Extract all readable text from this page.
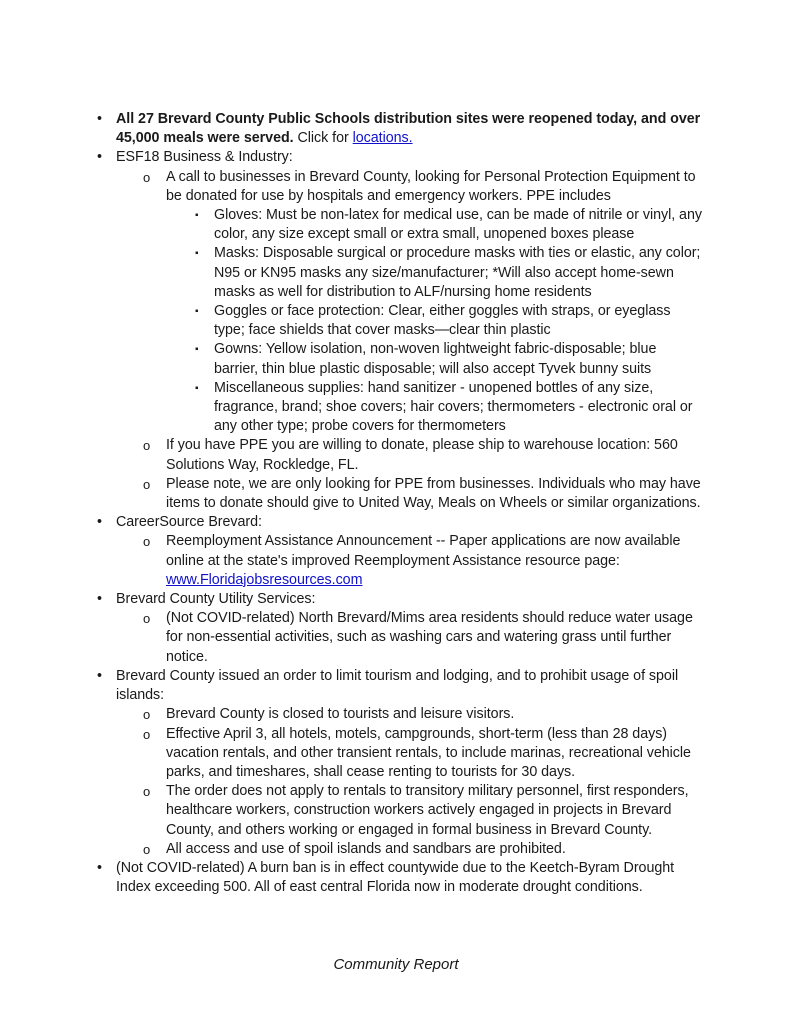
• All 27 Brevard County Public Schools distribution sites were reopened today, and over 45,000 meals were served. Click for locations.
• ESF18 Business & Industry:
o	A call to businesses in Brevard County, looking for Personal Protection Equipment to be donated for use by hospitals and emergency workers. PPE includes
▪	Gloves: Must be non-latex for medical use, can be made of nitrile or vinyl, any color, any size except small or extra small, unopened boxes please
▪	Masks: Disposable surgical or procedure masks with ties or elastic, any color; N95 or KN95 masks any size/manufacturer; *Will also accept home-sewn masks as well for distribution to ALF/nursing home residents
▪	Goggles or face protection: Clear, either goggles with straps, or eyeglass type; face shields that cover masks—clear thin plastic
▪	Gowns: Yellow isolation, non-woven lightweight fabric-disposable; blue barrier, thin blue plastic disposable; will also accept Tyvek bunny suits
▪	Miscellaneous supplies: hand sanitizer - unopened bottles of any size, fragrance, brand; shoe covers; hair covers; thermometers - electronic oral or any other type; probe covers for thermometers
o	If you have PPE you are willing to donate, please ship to warehouse location: 560 Solutions Way, Rockledge, FL.
o	Please note, we are only looking for PPE from businesses. Individuals who may have items to donate should give to United Way, Meals on Wheels or similar organizations.
• CareerSource Brevard:
o	Reemployment Assistance Announcement -- Paper applications are now available online at the state's improved Reemployment Assistance resource page: www.Floridajobsresources.com
• Brevard County Utility Services:
o	(Not COVID-related) North Brevard/Mims area residents should reduce water usage for non-essential activities, such as washing cars and watering grass until further notice.
• Brevard County issued an order to limit tourism and lodging, and to prohibit usage of spoil islands:
o	Brevard County is closed to tourists and leisure visitors.
o	Effective April 3, all hotels, motels, campgrounds, short-term (less than 28 days) vacation rentals, and other transient rentals, to include marinas, recreational vehicle parks, and timeshares, shall cease renting to tourists for 30 days.
o	The order does not apply to rentals to transitory military personnel, first responders, healthcare workers, construction workers actively engaged in projects in Brevard County, and others working or engaged in formal business in Brevard County.
o	All access and use of spoil islands and sandbars are prohibited.
• (Not COVID-related) A burn ban is in effect countywide due to the Keetch-Byram Drought Index exceeding 500. All of east central Florida now in moderate drought conditions.
Community Report
